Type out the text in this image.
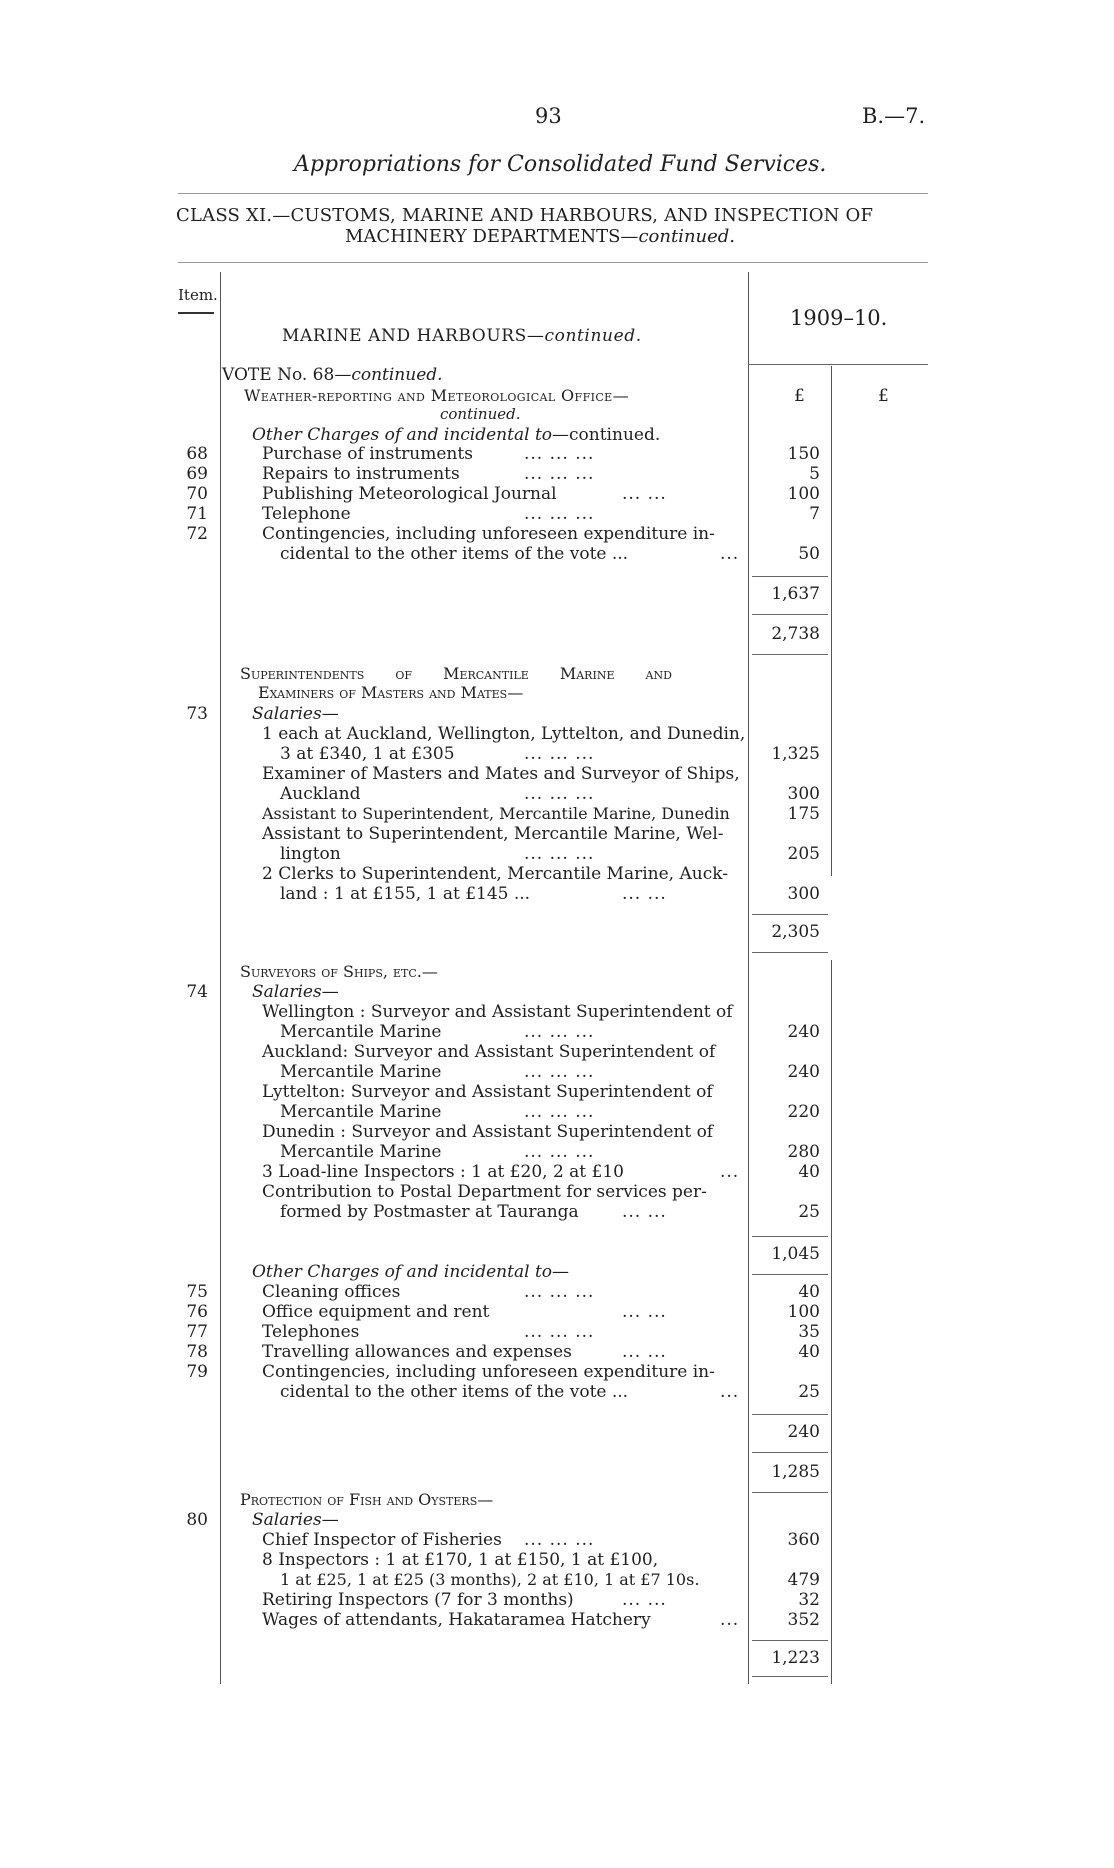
93	B.—7.
Appropriations for Consolidated Fund Services.
CLASS XI.—CUSTOMS, MARINE AND HARBOURS, AND INSPECTION OF
MACHINERY DEPARTMENTS—continued.
Item.
1909–10.
MARINE AND HARBOURS—continued.
£	£
VOTE No. 68—continued.
Weather-reporting and Meteorological Office—
continued.
Other Charges of and incidental to—continued.
68	Purchase of instruments	... ... ...	150
69	Repairs to instruments	... ... ...	5
70	Publishing Meteorological Journal	... ...	100
71	Telephone	... ... ...	7
72	Contingencies, including unforeseen expenditure in-
cidental to the other items of the vote ...	...	50
1,637
2,738
Superintendents of Mercantile Marine and
Examiners of Masters and Mates—
73	Salaries—
1 each at Auckland, Wellington, Lyttelton, and Dunedin,
3 at £340, 1 at £305	... ... ...	1,325
Examiner of Masters and Mates and Surveyor of Ships,
Auckland	... ... ...	300
Assistant to Superintendent, Mercantile Marine, Dunedin	175
Assistant to Superintendent, Mercantile Marine, Wel-
lington	... ... ...	205
2 Clerks to Superintendent, Mercantile Marine, Auck-
land : 1 at £155, 1 at £145 ...	... ...	300
2,305
Surveyors of Ships, etc.—
74	Salaries—
Wellington : Surveyor and Assistant Superintendent of
Mercantile Marine	... ... ...	240
Auckland: Surveyor and Assistant Superintendent of
Mercantile Marine	... ... ...	240
Lyttelton: Surveyor and Assistant Superintendent of
Mercantile Marine	... ... ...	220
Dunedin : Surveyor and Assistant Superintendent of
Mercantile Marine	... ... ...	280
3 Load-line Inspectors : 1 at £20, 2 at £10	...	40
Contribution to Postal Department for services per-
formed by Postmaster at Tauranga	... ...	25
1,045
Other Charges of and incidental to—
75	Cleaning offices	... ... ...	40
76	Office equipment and rent	... ...	100
77	Telephones	... ... ...	35
78	Travelling allowances and expenses	... ...	40
79	Contingencies, including unforeseen expenditure in-
cidental to the other items of the vote ...	...	25
240
1,285
Protection of Fish and Oysters—
80	Salaries—
Chief Inspector of Fisheries ... ... ...	360
8 Inspectors : 1 at £170, 1 at £150, 1 at £100,
1 at £25, 1 at £25 (3 months), 2 at £10, 1 at £7 10s.	479
Retiring Inspectors (7 for 3 months)	... ...	32
Wages of attendants, Hakataramea Hatchery	...	352
1,223
